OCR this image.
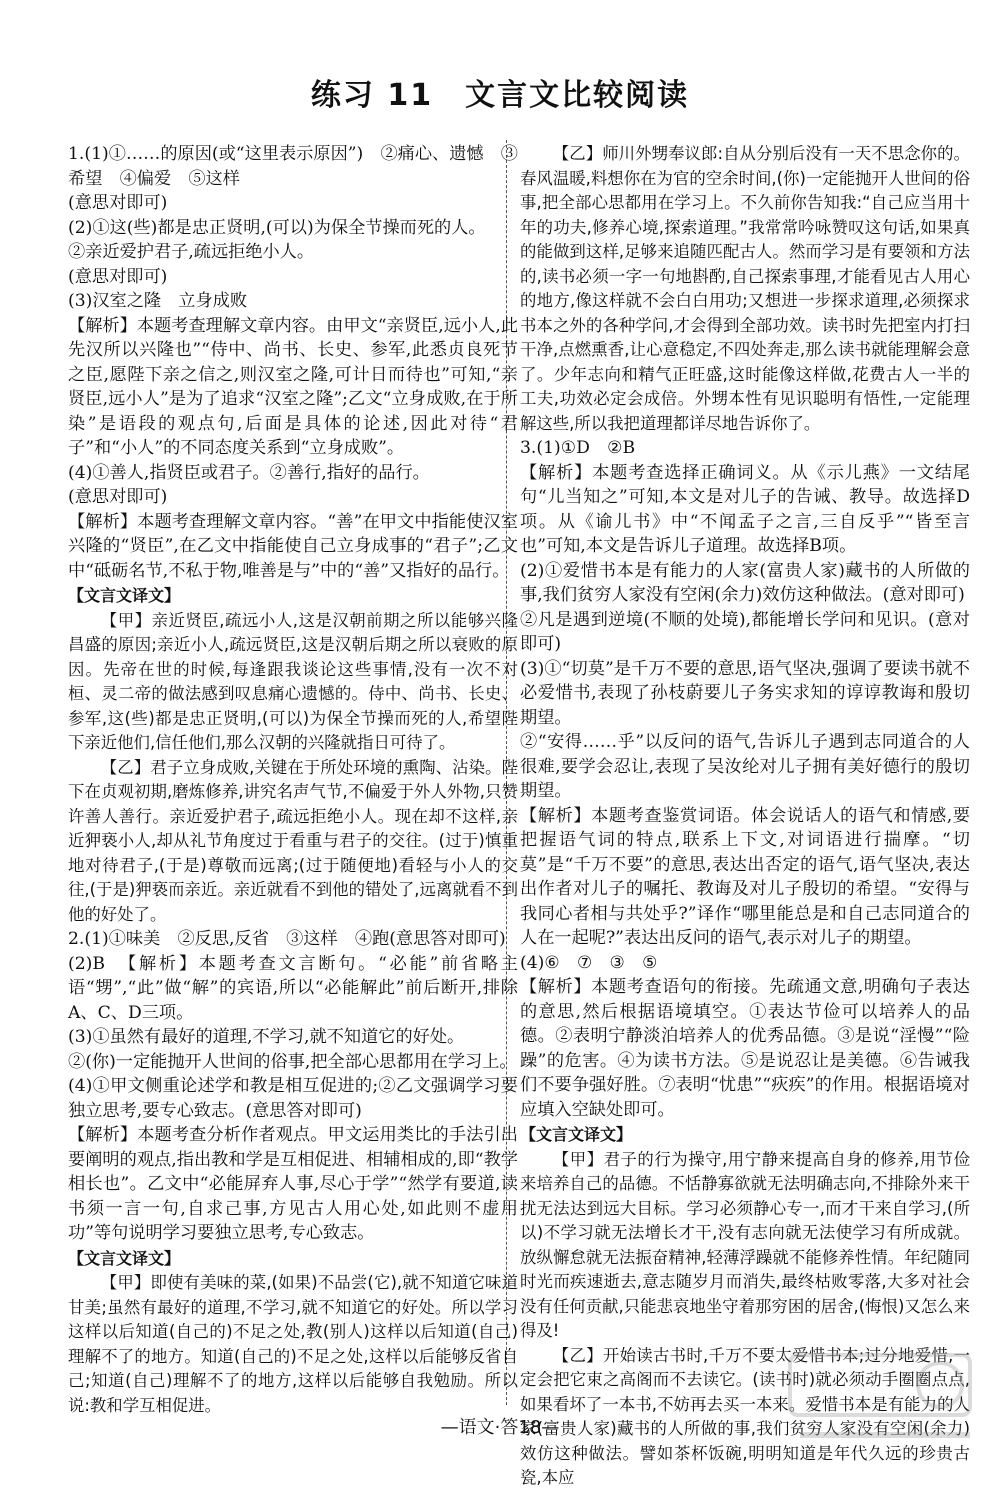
练习 11　文言文比较阅读

1.(1)①……的原因(或“这里表示原因”)　②痛心、遗憾　③希望　④偏爱　⑤这样

(意思对即可)

(2)①这(些)都是忠正贤明,(可以)为保全节操而死的人。

②亲近爱护君子,疏远拒绝小人。

(意思对即可)

(3)汉室之隆　立身成败

【解析】本题考查理解文章内容。由甲文“亲贤臣,远小人,此先汉所以兴隆也”“侍中、尚书、长史、参军,此悉贞良死节之臣,愿陛下亲之信之,则汉室之隆,可计日而待也”可知,“亲贤臣,远小人”是为了追求“汉室之隆”;乙文“立身成败,在于所染”是语段的观点句,后面是具体的论述,因此对待“君子”和“小人”的不同态度关系到“立身成败”。

(4)①善人,指贤臣或君子。②善行,指好的品行。

(意思对即可)

【解析】本题考查理解文章内容。“善”在甲文中指能使汉室兴隆的“贤臣”,在乙文中指能使自己立身成事的“君子”;乙文中“砥砺名节,不私于物,唯善是与”中的“善”又指好的品行。

【文言文译文】

【甲】亲近贤臣,疏远小人,这是汉朝前期之所以能够兴隆昌盛的原因;亲近小人,疏远贤臣,这是汉朝后期之所以衰败的原因。先帝在世的时候,每逢跟我谈论这些事情,没有一次不对桓、灵二帝的做法感到叹息痛心遗憾的。侍中、尚书、长史、参军,这(些)都是忠正贤明,(可以)为保全节操而死的人,希望陛下亲近他们,信任他们,那么汉朝的兴隆就指日可待了。

【乙】君子立身成败,关键在于所处环境的熏陶、沾染。陛下在贞观初期,磨炼修养,讲究名声气节,不偏爱于外人外物,只赞许善人善行。亲近爱护君子,疏远拒绝小人。现在却不这样,亲近狎亵小人,却从礼节角度过于看重与君子的交往。(过于)慎重地对待君子,(于是)尊敬而远离;(过于随便地)看轻与小人的交往,(于是)狎亵而亲近。亲近就看不到他的错处了,远离就看不到他的好处了。

2.(1)①味美　②反思,反省　③这样　④跑(意思答对即可)

(2)B　【解析】本题考查文言断句。“必能”前省略主语“甥”,“此”做“解”的宾语,所以“必能解此”前后断开,排除A、C、D三项。

(3)①虽然有最好的道理,不学习,就不知道它的好处。

②(你)一定能抛开人世间的俗事,把全部心思都用在学习上。

(4)①甲文侧重论述学和教是相互促进的;②乙文强调学习要独立思考,要专心致志。(意思答对即可)

【解析】本题考查分析作者观点。甲文运用类比的手法引出要阐明的观点,指出教和学是互相促进、相辅相成的,即“教学相长也”。乙文中“必能屏弃人事,尽心于学”“然学有要道,读书须一言一句,自求己事,方见古人用心处,如此则不虚用功”等句说明学习要独立思考,专心致志。

【文言文译文】

【甲】即使有美味的菜,(如果)不品尝(它),就不知道它味道甘美;虽然有最好的道理,不学习,就不知道它的好处。所以学习这样以后知道(自己的)不足之处,教(别人)这样以后知道(自己)理解不了的地方。知道(自己的)不足之处,这样以后能够反省自己;知道(自己)理解不了的地方,这样以后能够自我勉励。所以说:教和学互相促进。

【乙】师川外甥奉议郎:自从分别后没有一天不思念你的。春风温暖,料想你在为官的空余时间,(你)一定能抛开人世间的俗事,把全部心思都用在学习上。不久前你告知我:“自己应当用十年的功夫,修养心境,探索道理。”我常常吟咏赞叹这句话,如果真的能做到这样,足够来追随匹配古人。然而学习是有要领和方法的,读书必须一字一句地斟酌,自己探索事理,才能看见古人用心的地方,像这样就不会白白用功;又想进一步探求道理,必须探求书本之外的各种学问,才会得到全部功效。读书时先把室内打扫干净,点燃熏香,让心意稳定,不四处奔走,那么读书就能理解会意了。少年志向和精气正旺盛,这时能像这样做,花费古人一半的工夫,功效必定会成倍。外甥本性有见识聪明有悟性,一定能理解这些,所以我把道理都详尽地告诉你了。

3.(1)①D　②B

【解析】本题考查选择正确词义。从《示儿燕》一文结尾句“儿当知之”可知,本文是对儿子的告诫、教导。故选择D项。从《谕儿书》中“不闻孟子之言,三自反乎”“皆至言也”可知,本文是告诉儿子道理。故选择B项。

(2)①爱惜书本是有能力的人家(富贵人家)藏书的人所做的事,我们贫穷人家没有空闲(余力)效仿这种做法。(意对即可)

②凡是遇到逆境(不顺的处境),都能增长学问和见识。(意对即可)

(3)①“切莫”是千万不要的意思,语气坚决,强调了要读书就不必爱惜书,表现了孙枝蔚要儿子务实求知的谆谆教诲和殷切期望。

②“安得……乎”以反问的语气,告诉儿子遇到志同道合的人很难,要学会忍让,表现了吴汝纶对儿子拥有美好德行的殷切期望。

【解析】本题考查鉴赏词语。体会说话人的语气和情感,要把握语气词的特点,联系上下文,对词语进行揣摩。“切莫”是“千万不要”的意思,表达出否定的语气,语气坚决,表达出作者对儿子的嘱托、教诲及对儿子殷切的希望。“安得与我同心者相与共处乎?”译作“哪里能总是和自己志同道合的人在一起呢?”表达出反问的语气,表示对儿子的期望。

(4)⑥　⑦　③　⑤

【解析】本题考查语句的衔接。先疏通文意,明确句子表达的意思,然后根据语境填空。①表达节俭可以培养人的品德。②表明宁静淡泊培养人的优秀品德。③是说“淫慢”“险躁”的危害。④为读书方法。⑤是说忍让是美德。⑥告诫我们不要争强好胜。⑦表明“忧患”“疢疾”的作用。根据语境对应填入空缺处即可。

【文言文译文】

【甲】君子的行为操守,用宁静来提高自身的修养,用节俭来培养自己的品德。不恬静寡欲就无法明确志向,不排除外来干扰无法达到远大目标。学习必须静心专一,而才干来自学习,(所以)不学习就无法增长才干,没有志向就无法使学习有所成就。放纵懈怠就无法振奋精神,轻薄浮躁就不能修养性情。年纪随同时光而疾速逝去,意志随岁月而消失,最终枯败零落,大多对社会没有任何贡献,只能悲哀地坐守着那穷困的居舍,(悔恨)又怎么来得及!

【乙】开始读古书时,千万不要太爱惜书本;过分地爱惜,一定会把它束之高阁而不去读它。(读书时)就必须动手圈圈点点,如果看坏了一本书,不妨再去买一本来。爱惜书本是有能力的人家(富贵人家)藏书的人所做的事,我们贫穷人家没有空闲(余力)效仿这种做法。譬如茶杯饭碗,明明知道是年代久远的珍贵古瓷,本应

—语文·答18—
